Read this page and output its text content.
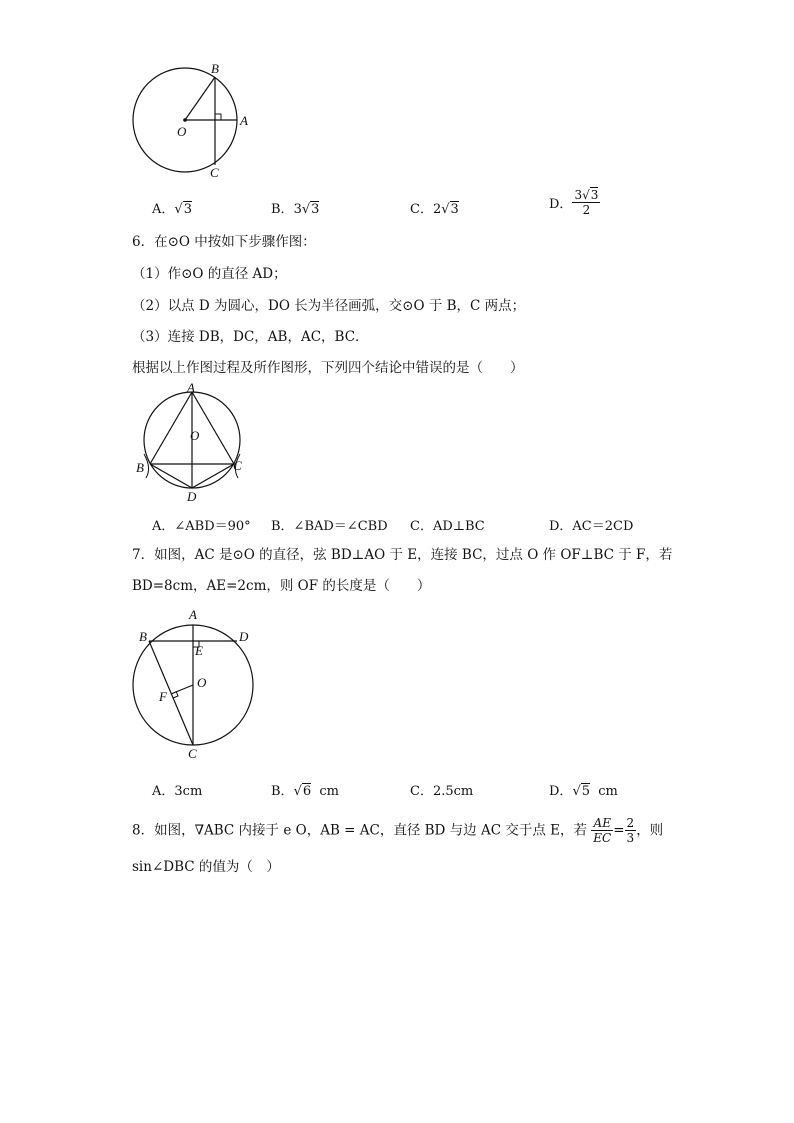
B
O
A
C
A．√3	B．3√3	C．2√3	D． $\frac{3√3}{2}$
6．在⊙O 中按如下步骤作图：
（1）作⊙O 的直径 AD；
（2）以点 D 为圆心，DO 长为半径画弧，交⊙O 于 B，C 两点；
（3）连接 DB，DC，AB，AC，BC．
根据以上作图过程及所作图形，下列四个结论中错误的是（　　）
A
O
B	C
D
A．∠ABD＝90° B．∠BAD＝∠CBD C．AD⊥BC	D．AC＝2CD
7．如图，AC 是⊙O 的直径，弦 BD⊥AO 于 E，连接 BC，过点 O 作 OF⊥BC 于 F，若
BD=8cm，AE=2cm，则 OF 的长度是（　　）
A
B	D
E
O
F
C
A．3cm	B．√6 cm	C．2.5cm	D．√5 cm
8．如图，∇ABC 内接于 e O，AB = AC，直径 BD 与边 AC 交于点 E，若 $\frac{AE}{EC} = \frac{2}{3}$ ，则
sin∠DBC 的值为（　）
